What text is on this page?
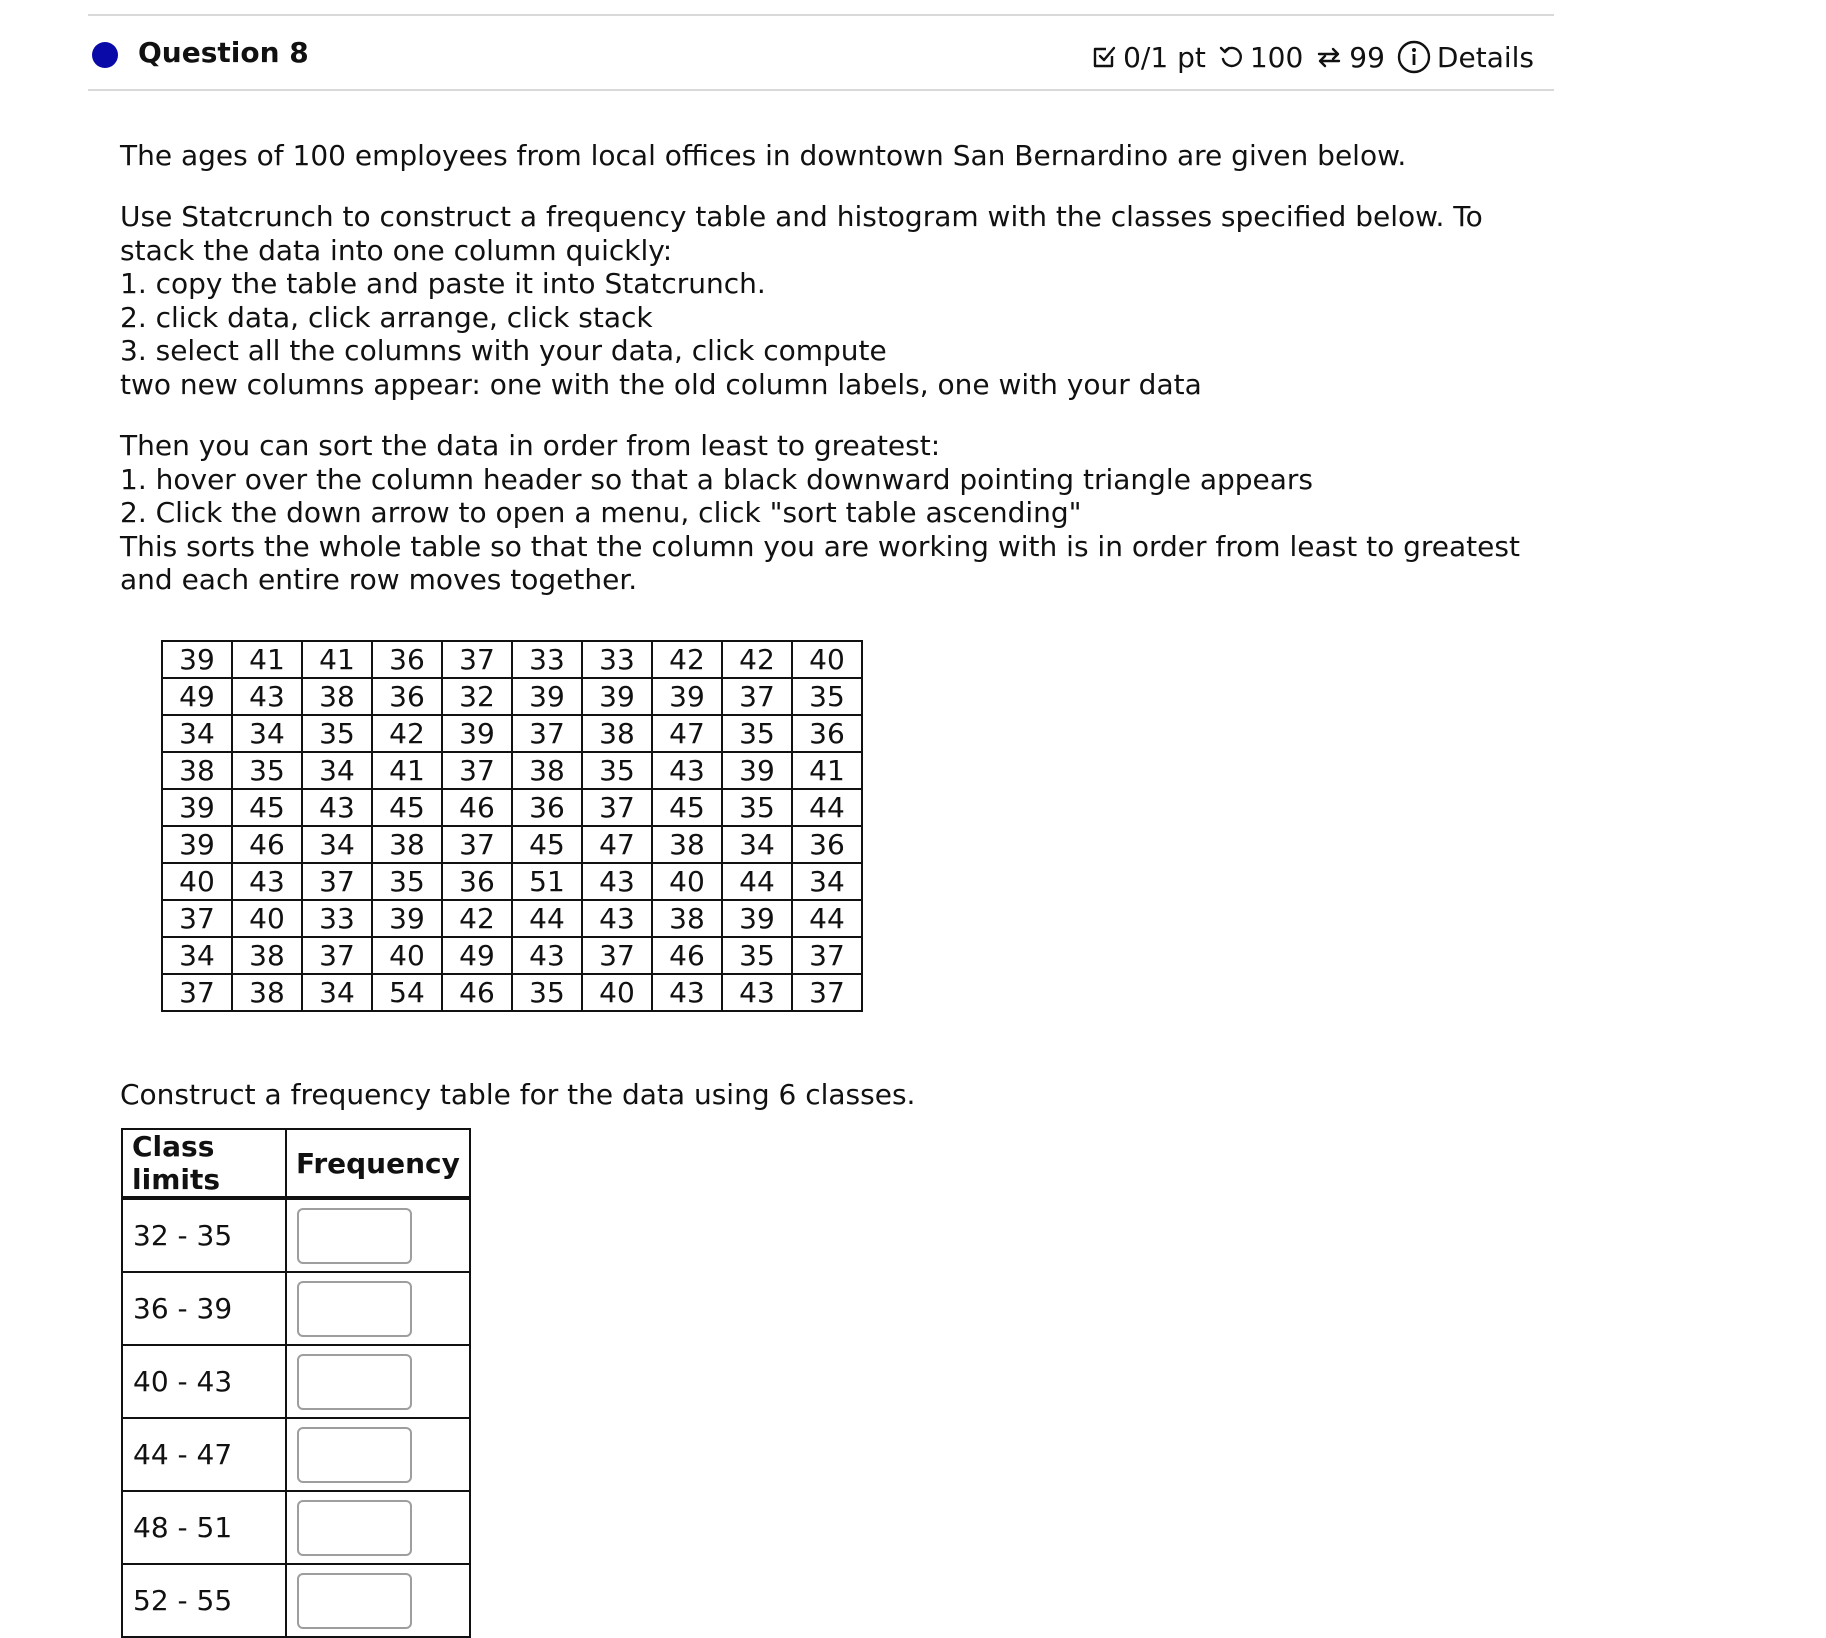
Question 8	0/1 pt 100 99 Details

The ages of 100 employees from local offices in downtown San Bernardino are given below.

Use Statcrunch to construct a frequency table and histogram with the classes specified below. To stack the data into one column quickly:

1. copy the table and paste it into Statcrunch.

2. click data, click arrange, click stack

3. select all the columns with your data, click compute

two new columns appear: one with the old column labels, one with your data

Then you can sort the data in order from least to greatest:

1. hover over the column header so that a black downward pointing triangle appears

2. Click the down arrow to open a menu, click "sort table ascending"

This sorts the whole table so that the column you are working with is in order from least to greatest and each entire row moves together.

39	41	41	36	37	33	33	42	42	40
49	43	38	36	32	39	39	39	37	35
34	34	35	42	39	37	38	47	35	36
38	35	34	41	37	38	35	43	39	41
39	45	43	45	46	36	37	45	35	44
39	46	34	38	37	45	47	38	34	36
40	43	37	35	36	51	43	40	44	34
37	40	33	39	42	44	43	38	39	44
34	38	37	40	49	43	37	46	35	37
37	38	34	54	46	35	40	43	43	37
Construct a frequency table for the data using 6 classes.
Class limits	Frequency
32 - 35	

36 - 39	

40 - 43	

44 - 47	

48 - 51	

52 - 55	
